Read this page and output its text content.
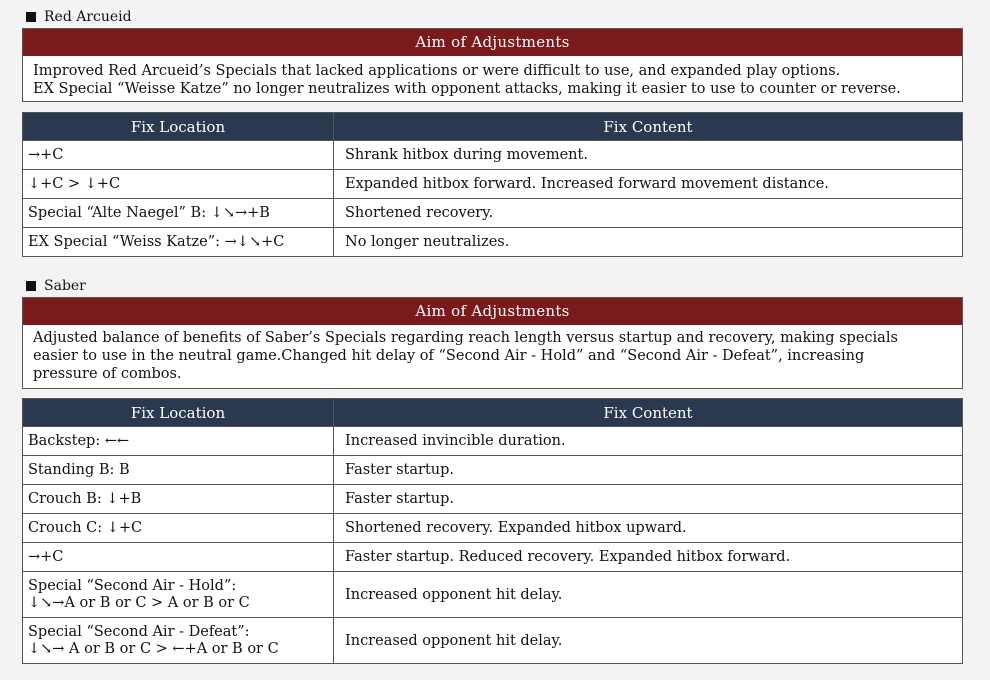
Red Arcueid
Aim of Adjustments
Improved Red Arcueid’s Specials that lacked applications or were difficult to use, and expanded play options.
EX Special “Weisse Katze” no longer neutralizes with opponent attacks, making it easier to use to counter or reverse.
Fix Location	Fix Content
→+C	Shrank hitbox during movement.
↓+C > ↓+C	Expanded hitbox forward. Increased forward movement distance.
Special “Alte Naegel” B: ↓↘→+B	Shortened recovery.
EX Special “Weiss Katze”: →↓↘+C	No longer neutralizes.
Saber
Aim of Adjustments
Adjusted balance of benefits of Saber’s Specials regarding reach length versus startup and recovery, making specials
easier to use in the neutral game.Changed hit delay of “Second Air - Hold” and “Second Air - Defeat”, increasing
pressure of combos.
Fix Location	Fix Content
Backstep: ←←	Increased invincible duration.
Standing B: B	Faster startup.
Crouch B: ↓+B	Faster startup.
Crouch C: ↓+C	Shortened recovery. Expanded hitbox upward.
→+C	Faster startup. Reduced recovery. Expanded hitbox forward.

Special “Second Air - Hold”:
↓↘→A or B or C > A or B or C	Increased opponent hit delay.

Special “Second Air - Defeat”:
↓↘→ A or B or C > ←+A or B or C	Increased opponent hit delay.
